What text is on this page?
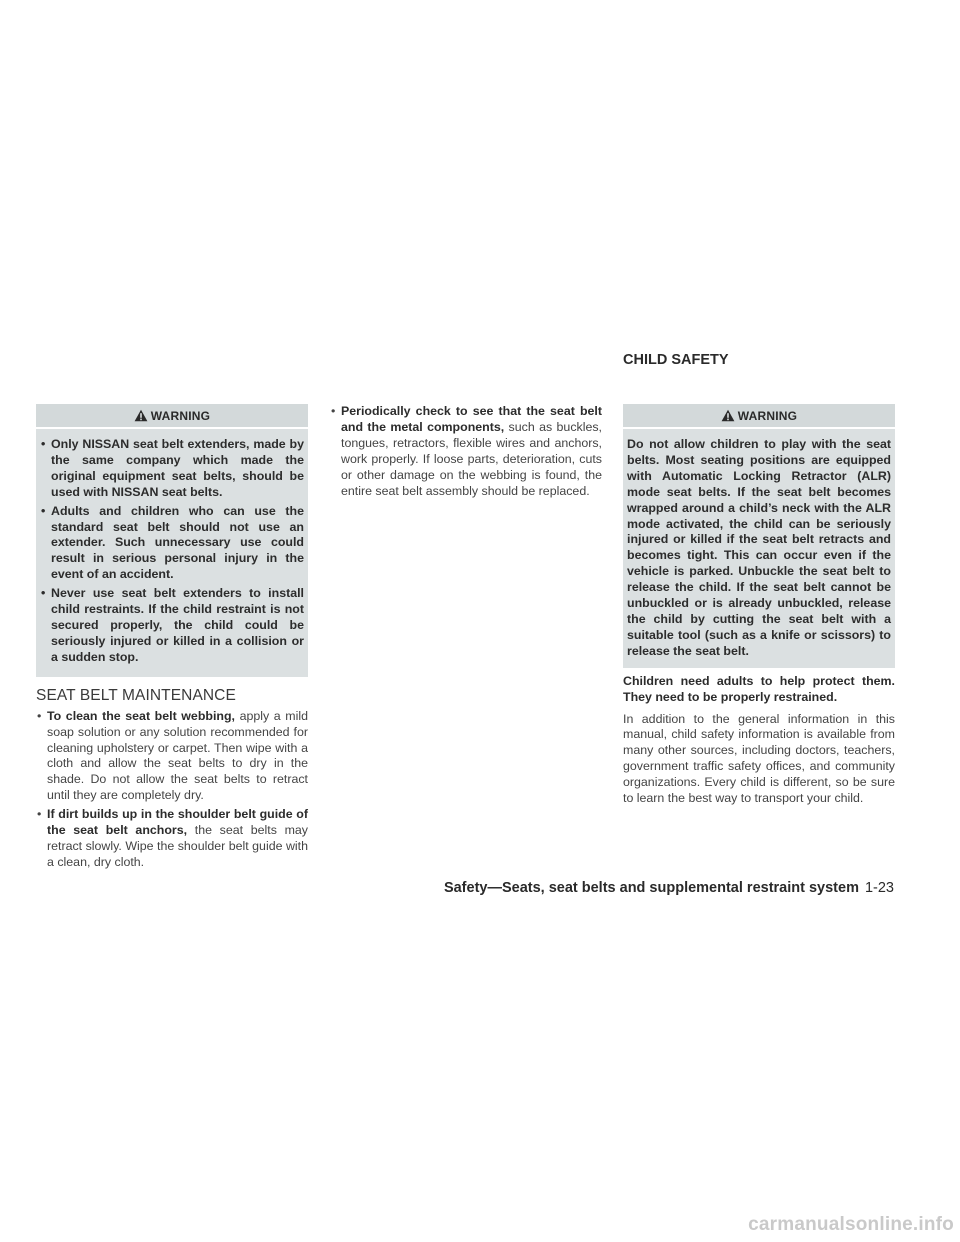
CHILD SAFETY
WARNING
• Only NISSAN seat belt extenders, made by the same company which made the original equipment seat belts, should be used with NISSAN seat belts.
• Adults and children who can use the standard seat belt should not use an extender. Such unnecessary use could result in serious personal injury in the event of an accident.
• Never use seat belt extenders to install child restraints. If the child restraint is not secured properly, the child could be seriously injured or killed in a collision or a sudden stop.
SEAT BELT MAINTENANCE
• To clean the seat belt webbing, apply a mild soap solution or any solution recommended for cleaning upholstery or carpet. Then wipe with a cloth and allow the seat belts to dry in the shade. Do not allow the seat belts to retract until they are completely dry.
• If dirt builds up in the shoulder belt guide of the seat belt anchors, the seat belts may retract slowly. Wipe the shoulder belt guide with a clean, dry cloth.
• Periodically check to see that the seat belt and the metal components, such as buckles, tongues, retractors, flexible wires and anchors, work properly. If loose parts, deterioration, cuts or other damage on the webbing is found, the entire seat belt assembly should be replaced.
WARNING

Do not allow children to play with the seat belts. Most seating positions are equipped with Automatic Locking Retractor (ALR) mode seat belts. If the seat belt becomes wrapped around a child’s neck with the ALR mode activated, the child can be seriously injured or killed if the seat belt retracts and becomes tight. This can occur even if the vehicle is parked. Unbuckle the seat belt to release the child. If the seat belt cannot be unbuckled or is already unbuckled, release the child by cutting the seat belt with a suitable tool (such as a knife or scissors) to release the seat belt.

Children need adults to help protect them. They need to be properly restrained.

In addition to the general information in this manual, child safety information is available from many other sources, including doctors, teachers, government traffic safety offices, and community organizations. Every child is different, so be sure to learn the best way to transport your child.

Safety—Seats, seat belts and supplemental restraint system 1-23
carmanualsonline.info
